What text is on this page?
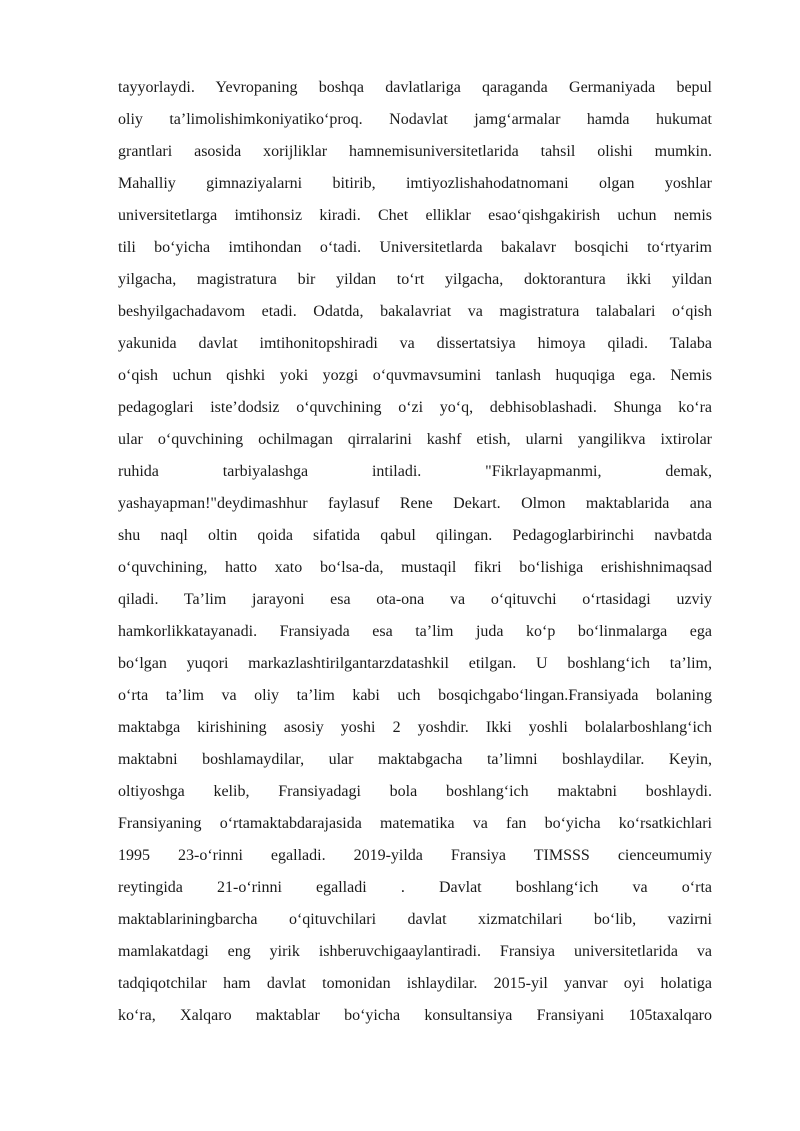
tayyorlaydi. Yevropaning boshqa davlatlariga qaraganda Germaniyada bepul
oliy ta’limolishimkoniyatiko‘proq. Nodavlat jamg‘armalar hamda hukumat
grantlari asosida xorijliklar hamnemisuniversitetlarida tahsil olishi mumkin.
Mahalliy gimnaziyalarni bitirib, imtiyozlishahodatnomani olgan yoshlar
universitetlarga imtihonsiz kiradi. Chet elliklar esao‘qishgakirish uchun nemis
tili bo‘yicha imtihondan o‘tadi. Universitetlarda bakalavr bosqichi to‘rtyarim
yilgacha, magistratura bir yildan to‘rt yilgacha, doktorantura ikki yildan
beshyilgachadavom etadi. Odatda, bakalavriat va magistratura talabalari o‘qish
yakunida davlat imtihonitopshiradi va dissertatsiya himoya qiladi. Talaba
o‘qish uchun qishki yoki yozgi o‘quvmavsumini tanlash huquqiga ega. Nemis
pedagoglari iste’dodsiz o‘quvchining o‘zi yo‘q, debhisoblashadi. Shunga ko‘ra
ular o‘quvchining ochilmagan qirralarini kashf etish, ularni yangilikva ixtirolar
ruhida tarbiyalashga intiladi. "Fikrlayapmanmi, demak,
yashayapman!"deydimashhur faylasuf Rene Dekart. Olmon maktablarida ana
shu naql oltin qoida sifatida qabul qilingan. Pedagoglarbirinchi navbatda
o‘quvchining, hatto xato bo‘lsa-da, mustaqil fikri bo‘lishiga erishishnimaqsad
qiladi. Ta’lim jarayoni esa ota-ona va o‘qituvchi o‘rtasidagi uzviy
hamkorlikkatayanadi. Fransiyada esa ta’lim juda ko‘p bo‘linmalarga ega
bo‘lgan yuqori markazlashtirilgantarzdatashkil etilgan. U boshlang‘ich ta’lim,
o‘rta ta’lim va oliy ta’lim kabi uch bosqichgabo‘lingan.Fransiyada bolaning
maktabga kirishining asosiy yoshi 2 yoshdir. Ikki yoshli bolalarboshlang‘ich
maktabni boshlamaydilar, ular maktabgacha ta’limni boshlaydilar. Keyin,
oltiyoshga kelib, Fransiyadagi bola boshlang‘ich maktabni boshlaydi.
Fransiyaning o‘rtamaktabdarajasida matematika va fan bo‘yicha ko‘rsatkichlari
1995 23-o‘rinni egalladi. 2019-yilda Fransiya TIMSSS cienceumumiy
reytingida 21-o‘rinni egalladi . Davlat boshlang‘ich va o‘rta
maktablariningbarcha o‘qituvchilari davlat xizmatchilari bo‘lib, vazirni
mamlakatdagi eng yirik ishberuvchigaaylantiradi. Fransiya universitetlarida va
tadqiqotchilar ham davlat tomonidan ishlaydilar. 2015-yil yanvar oyi holatiga
ko‘ra, Xalqaro maktablar bo‘yicha konsultansiya Fransiyani 105taxalqaro
